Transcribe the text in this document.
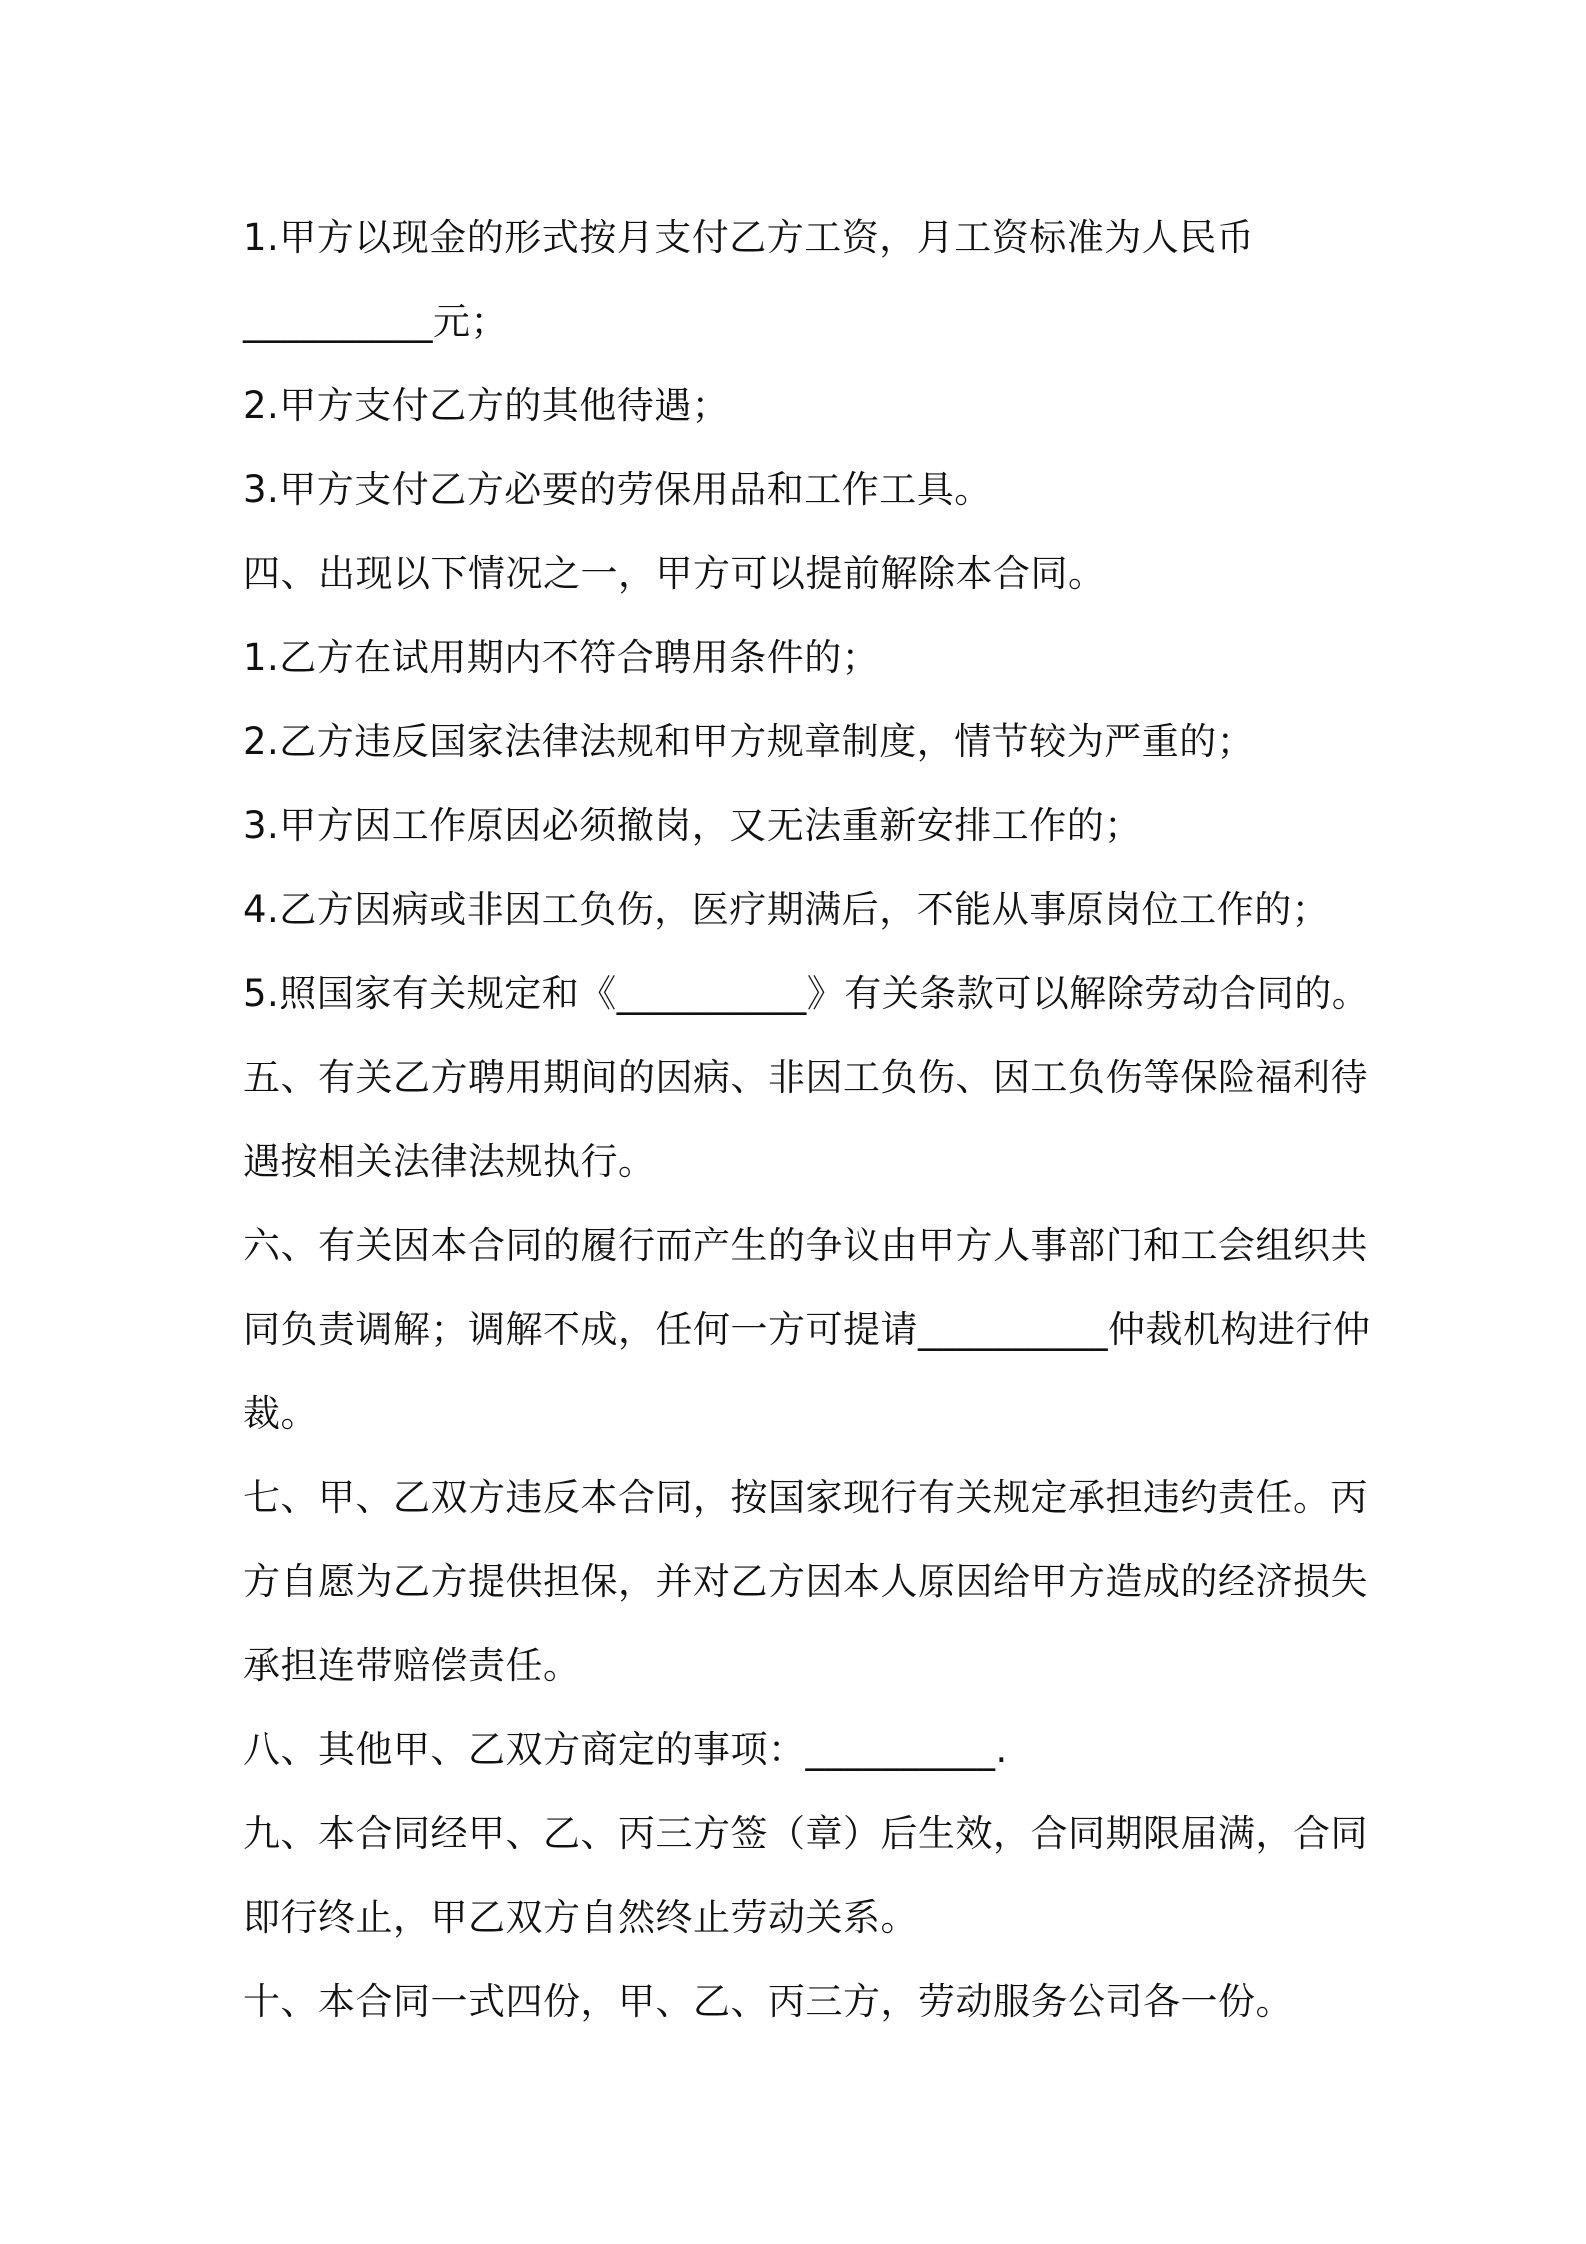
1.甲方以现金的形式按月支付乙方工资，月工资标准为人民币
__________元；
2.甲方支付乙方的其他待遇；
3.甲方支付乙方必要的劳保用品和工作工具。
四、出现以下情况之一，甲方可以提前解除本合同。
1.乙方在试用期内不符合聘用条件的；
2.乙方违反国家法律法规和甲方规章制度，情节较为严重的；
3.甲方因工作原因必须撤岗，又无法重新安排工作的；
4.乙方因病或非因工负伤，医疗期满后，不能从事原岗位工作的；
5.照国家有关规定和《__________》有关条款可以解除劳动合同的。
五、有关乙方聘用期间的因病、非因工负伤、因工负伤等保险福利待
遇按相关法律法规执行。
六、有关因本合同的履行而产生的争议由甲方人事部门和工会组织共
同负责调解；调解不成，任何一方可提请__________仲裁机构进行仲
裁。
七、甲、乙双方违反本合同，按国家现行有关规定承担违约责任。丙
方自愿为乙方提供担保，并对乙方因本人原因给甲方造成的经济损失
承担连带赔偿责任。
八、其他甲、乙双方商定的事项：__________.
九、本合同经甲、乙、丙三方签（章）后生效，合同期限届满，合同
即行终止，甲乙双方自然终止劳动关系。
十、本合同一式四份，甲、乙、丙三方，劳动服务公司各一份。
